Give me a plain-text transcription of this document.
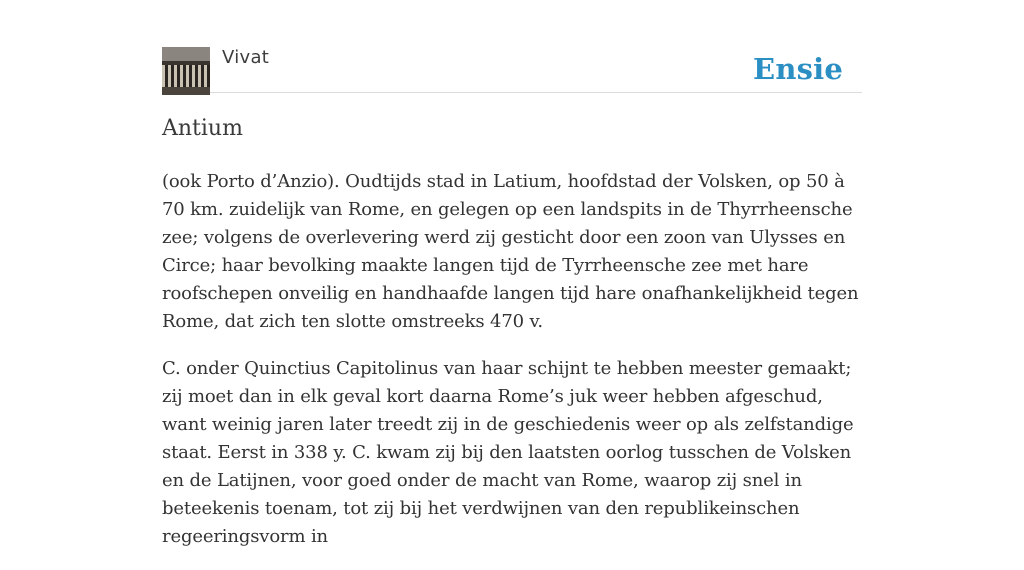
Vivat	Ensie
Antium

(ook Porto d’Anzio). Oudtijds stad in Latium, hoofdstad der Volsken, op 50 à 70 km. zuidelijk van Rome, en gelegen op een landspits in de Thyrrheensche zee; volgens de overlevering werd zij gesticht door een zoon van Ulysses en Circe; haar bevolking maakte langen tijd de Tyrrheensche zee met hare roofschepen onveilig en handhaafde langen tijd hare onafhankelijkheid tegen Rome, dat zich ten slotte omstreeks 470 v.

C. onder Quinctius Capitolinus van haar schijnt te hebben meester gemaakt; zij moet dan in elk geval kort daarna Rome’s juk weer hebben afgeschud, want weinig jaren later treedt zij in de geschiedenis weer op als zelfstandige staat. Eerst in 338 y. C. kwam zij bij den laatsten oorlog tusschen de Volsken en de Latijnen, voor goed onder de macht van Rome, waarop zij snel in beteekenis toenam, tot zij bij het verdwijnen van den republikeinschen regeeringsvorm in
